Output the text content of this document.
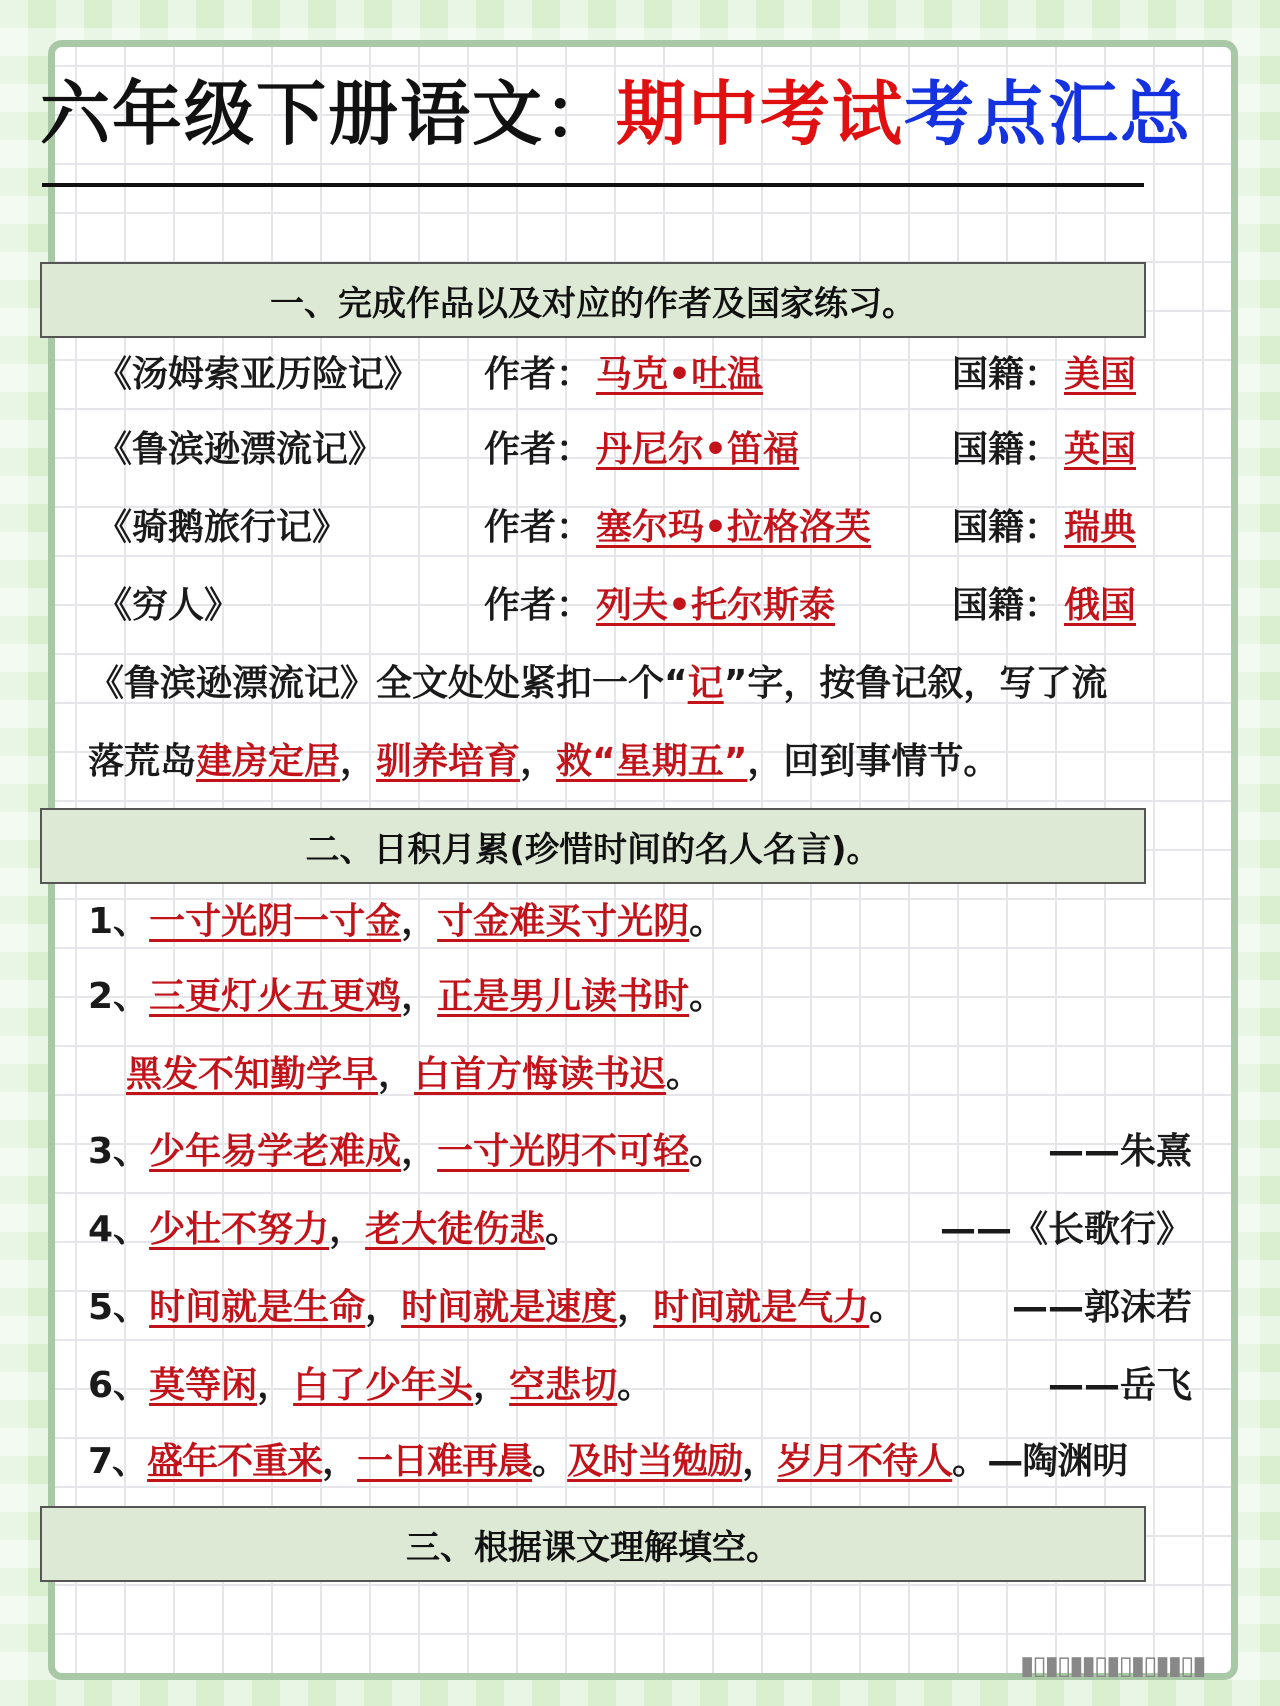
六年级下册语文：期中考试考点汇总
一、完成作品以及对应的作者及国家练习。
《汤姆索亚历险记》 作者： 马克•吐温	国籍： 美国
《鲁滨逊漂流记》	作者： 丹尼尔•笛福	国籍： 英国
《骑鹅旅行记》	作者： 塞尔玛•拉格洛芙 国籍： 瑞典
《穷人》	作者： 列夫•托尔斯泰	国籍： 俄国
《鲁滨逊漂流记》全文处处紧扣一个“记”字，按鲁记叙，写了流
落荒岛建房定居，驯养培育，救“星期五”，回到事情节。
二、日积月累(珍惜时间的名人名言)。
1、一寸光阴一寸金，寸金难买寸光阴。
2、三更灯火五更鸡，正是男儿读书时。
黑发不知勤学早，白首方悔读书迟。
3、少年易学老难成，一寸光阴不可轻。	——朱熹
4、少壮不努力，老大徒伤悲。	——《长歌行》
5、时间就是生命，时间就是速度，时间就是气力。	——郭沫若
6、莫等闲，白了少年头，空悲切。	——岳飞
7、盛年不重来，一日难再晨。及时当勉励，岁月不待人。—陶渊明
三、根据课文理解填空。
▮▯▮▯▮▮▯▮▯▮▯▮▮▯▮
